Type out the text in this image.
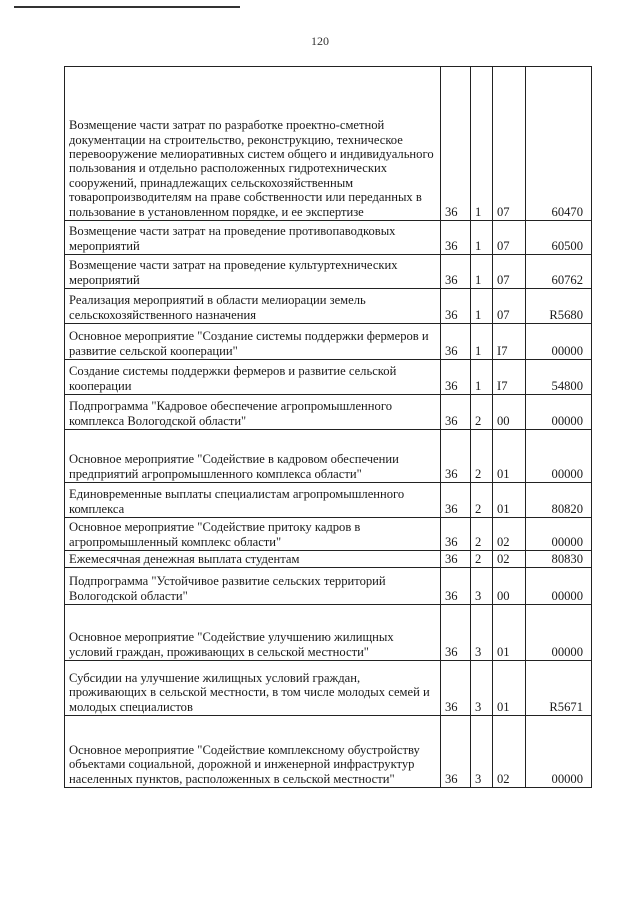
120
Возмещение части затрат по разработке проектно-сметной документации на строительство, реконструкцию, техническое перевооружение мелиоративных систем общего и индивидуального пользования и отдельно расположенных гидротехнических сооружений, принадлежащих сельскохозяйственным товаропроизводителям на праве собственности или переданных в пользование в установленном порядке, и ее экспертизе	36	1	07	60470
Возмещение части затрат на проведение противопаводковых мероприятий	36	1	07	60500
Возмещение части затрат на проведение культуртехнических мероприятий	36	1	07	60762
Реализация мероприятий в области мелиорации земель сельскохозяйственного назначения	36	1	07	R5680
Основное мероприятие "Создание системы поддержки фермеров и развитие сельской кооперации"	36	1	I7	00000
Создание системы поддержки фермеров и развитие сельской кооперации	36	1	I7	54800
Подпрограмма "Кадровое обеспечение агропромышленного комплекса Вологодской области"	36	2	00	00000
Основное мероприятие "Содействие в кадровом обеспечении предприятий агропромышленного комплекса области"	36	2	01	00000
Единовременные выплаты специалистам агропромышленного комплекса	36	2	01	80820
Основное мероприятие "Содействие притоку кадров в агропромышленный комплекс области"	36	2	02	00000
Ежемесячная денежная выплата студентам	36	2	02	80830
Подпрограмма "Устойчивое развитие сельских территорий Вологодской области"	36	3	00	00000
Основное мероприятие "Содействие улучшению жилищных условий граждан, проживающих в сельской местности"	36	3	01	00000
Субсидии на улучшение жилищных условий граждан, проживающих в сельской местности, в том числе молодых семей и молодых специалистов	36	3	01	R5671
Основное мероприятие "Содействие комплексному обустройству объектами социальной, дорожной и инженерной инфраструктур населенных пунктов, расположенных в сельской местности"	36	3	02	00000
